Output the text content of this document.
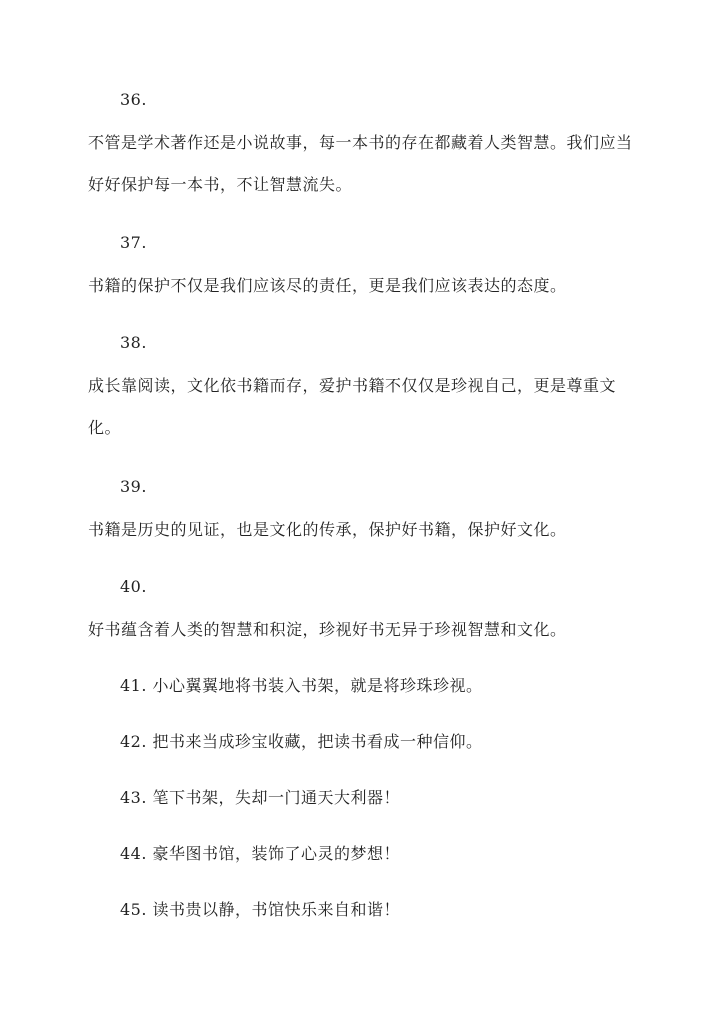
36.
不管是学术著作还是小说故事，每一本书的存在都藏着人类智慧。我们应当好好保护每一本书，不让智慧流失。
37.
书籍的保护不仅是我们应该尽的责任，更是我们应该表达的态度。
38.
成长靠阅读，文化依书籍而存，爱护书籍不仅仅是珍视自己，更是尊重文化。
39.
书籍是历史的见证，也是文化的传承，保护好书籍，保护好文化。
40.
好书蕴含着人类的智慧和积淀，珍视好书无异于珍视智慧和文化。
41. 小心翼翼地将书装入书架，就是将珍珠珍视。
42. 把书来当成珍宝收藏，把读书看成一种信仰。
43. 笔下书架，失却一门通天大利器！
44. 豪华图书馆，装饰了心灵的梦想！
45. 读书贵以静，书馆快乐来自和谐！
